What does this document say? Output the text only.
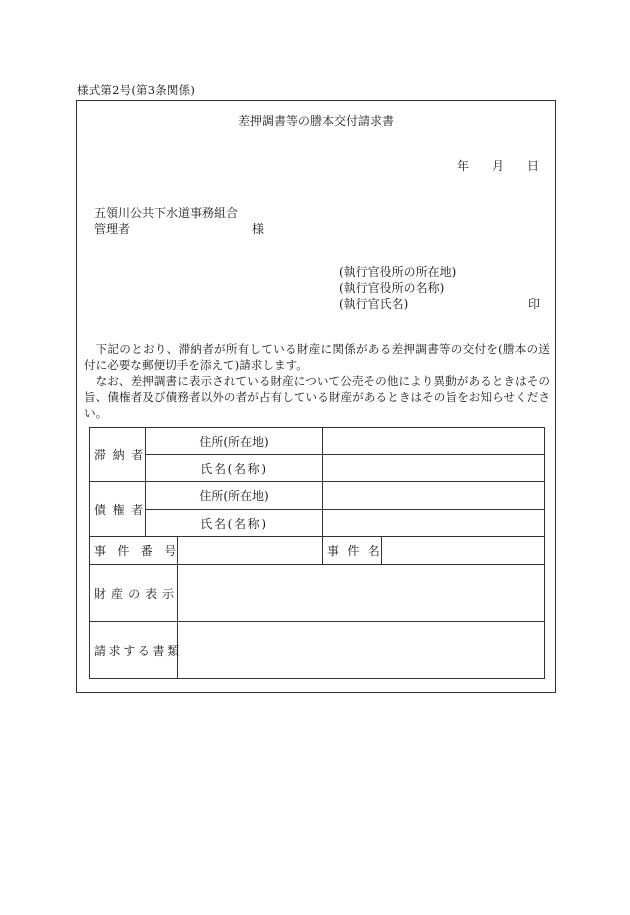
様式第2号(第3条関係)
差押調書等の謄本交付請求書
年 月 日
五領川公共下水道事務組合
管理者	様
(執行官役所の所在地)
(執行官役所の名称)
(執行官氏名)	印

下記のとおり、滞納者が所有している財産に関係がある差押調書等の交付を(謄本の送付に必要な郵便切手を添えて)請求します。

なお、差押調書に表示されている財産について公売その他により異動があるときはその旨、債権者及び債務者以外の者が占有している財産があるときはその旨をお知らせください。

滞納者	住所(所在地)			
	氏名(名称)			
債権者	住所(所在地)			
	氏名(名称)			
事件番号			事件名	
財産の表示				
請求する書類				
